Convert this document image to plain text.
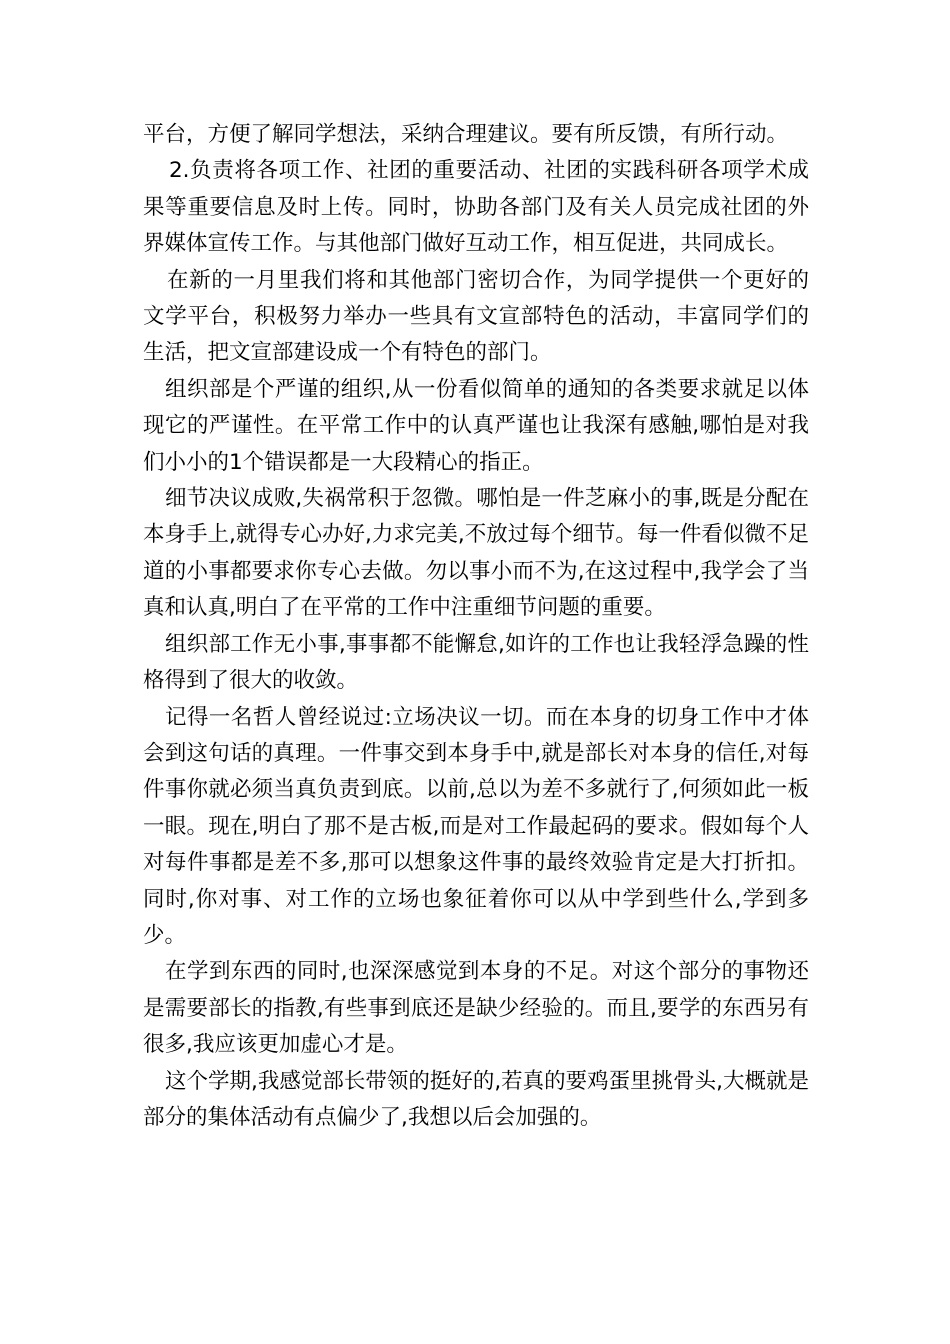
平台，方便了解同学想法，采纳合理建议。要有所反馈，有所行动。

2.负责将各项工作、社团的重要活动、社团的实践科研各项学术成果等重要信息及时上传。同时，协助各部门及有关人员完成社团的外界媒体宣传工作。与其他部门做好互动工作，相互促进，共同成长。

在新的一月里我们将和其他部门密切合作，为同学提供一个更好的文学平台，积极努力举办一些具有文宣部特色的活动，丰富同学们的生活，把文宣部建设成一个有特色的部门。

组织部是个严谨的组织,从一份看似简单的通知的各类要求就足以体现它的严谨性。在平常工作中的认真严谨也让我深有感触,哪怕是对我们小小的1个错误都是一大段精心的指正。

细节决议成败,失祸常积于忽微。哪怕是一件芝麻小的事,既是分配在本身手上,就得专心办好,力求完美,不放过每个细节。每一件看似微不足道的小事都要求你专心去做。勿以事小而不为,在这过程中,我学会了当真和认真,明白了在平常的工作中注重细节问题的重要。

组织部工作无小事,事事都不能懈怠,如许的工作也让我轻浮急躁的性格得到了很大的收敛。

记得一名哲人曾经说过:立场决议一切。而在本身的切身工作中才体会到这句话的真理。一件事交到本身手中,就是部长对本身的信任,对每件事你就必须当真负责到底。以前,总以为差不多就行了,何须如此一板一眼。现在,明白了那不是古板,而是对工作最起码的要求。假如每个人对每件事都是差不多,那可以想象这件事的最终效验肯定是大打折扣。同时,你对事、对工作的立场也象征着你可以从中学到些什么,学到多少。

在学到东西的同时,也深深感觉到本身的不足。对这个部分的事物还是需要部长的指教,有些事到底还是缺少经验的。而且,要学的东西另有很多,我应该更加虚心才是。

这个学期,我感觉部长带领的挺好的,若真的要鸡蛋里挑骨头,大概就是部分的集体活动有点偏少了,我想以后会加强的。
